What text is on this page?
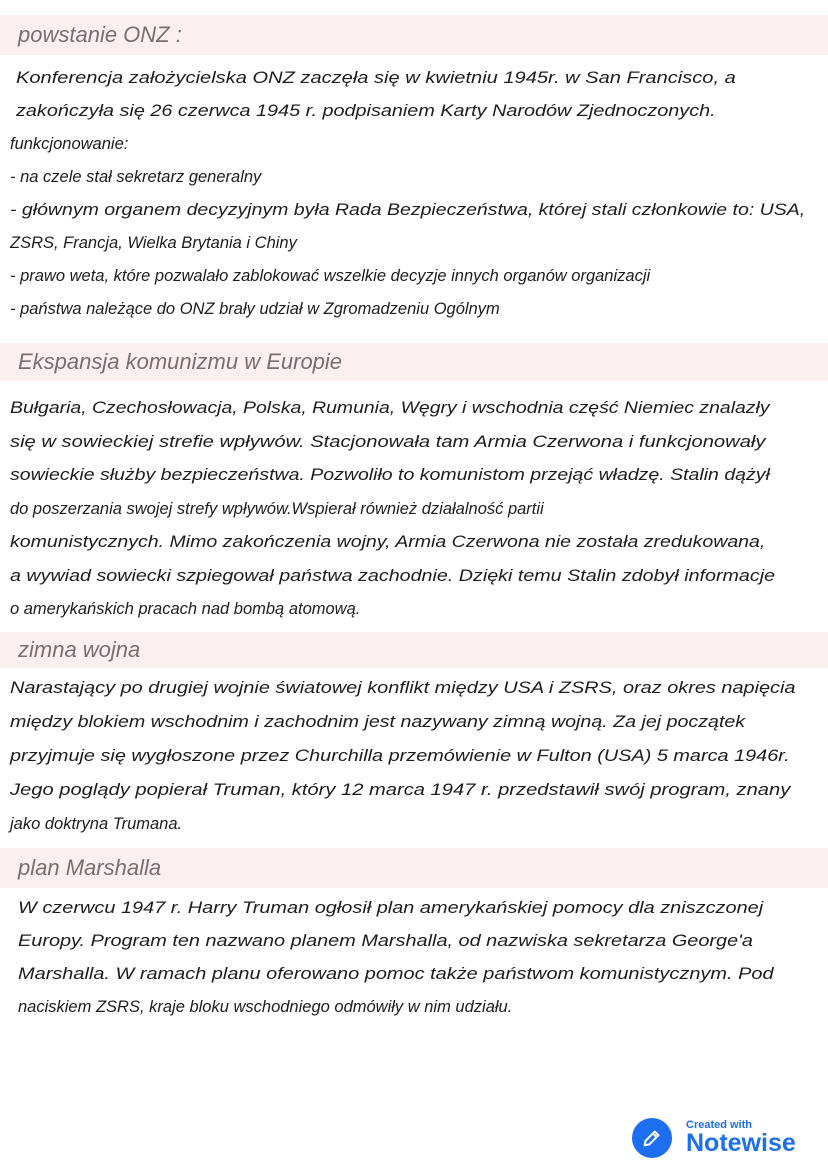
powstanie ONZ :
Konferencja założycielska ONZ zaczęła się w kwietniu 1945r. w San Francisco, a
zakończyła się 26 czerwca 1945 r. podpisaniem Karty Narodów Zjednoczonych.
funkcjonowanie:
- na czele stał sekretarz generalny
- głównym organem decyzyjnym była Rada Bezpieczeństwa, której stali członkowie to: USA,
ZSRS, Francja, Wielka Brytania i Chiny
- prawo weta, które pozwalało zablokować wszelkie decyzje innych organów organizacji
- państwa należące do ONZ brały udział w Zgromadzeniu Ogólnym
Ekspansja komunizmu w Europie
Bułgaria, Czechosłowacja, Polska, Rumunia, Węgry i wschodnia część Niemiec znalazły
się w sowieckiej strefie wpływów. Stacjonowała tam Armia Czerwona i funkcjonowały
sowieckie służby bezpieczeństwa. Pozwoliło to komunistom przejąć władzę. Stalin dążył
do poszerzania swojej strefy wpływów.Wspierał również działalność partii
komunistycznych. Mimo zakończenia wojny, Armia Czerwona nie została zredukowana,
a wywiad sowiecki szpiegował państwa zachodnie. Dzięki temu Stalin zdobył informacje
o amerykańskich pracach nad bombą atomową.
zimna wojna
Narastający po drugiej wojnie światowej konflikt między USA i ZSRS, oraz okres napięcia
między blokiem wschodnim i zachodnim jest nazywany zimną wojną. Za jej początek
przyjmuje się wygłoszone przez Churchilla przemówienie w Fulton (USA) 5 marca 1946r.
Jego poglądy popierał Truman, który 12 marca 1947 r. przedstawił swój program, znany
jako doktryna Trumana.
plan Marshalla
W czerwcu 1947 r. Harry Truman ogłosił plan amerykańskiej pomocy dla zniszczonej
Europy. Program ten nazwano planem Marshalla, od nazwiska sekretarza George'a
Marshalla. W ramach planu oferowano pomoc także państwom komunistycznym. Pod
naciskiem ZSRS, kraje bloku wschodniego odmówiły w nim udziału.
Created with
Notewise
